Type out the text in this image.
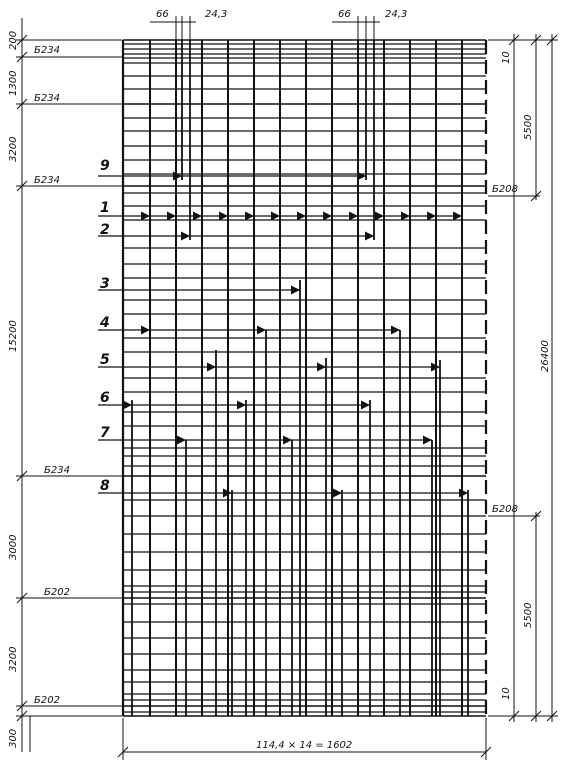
200
1300
3200
15200
3000
3200
300
Б234
Б234
Б234
Б234
Б202
Б202
66	24,3	66	24,3
10
5500
26400
5500
10
Б208
Б208
114,4 × 14 = 1602
9
1
2
3
4
5
6
7
8
